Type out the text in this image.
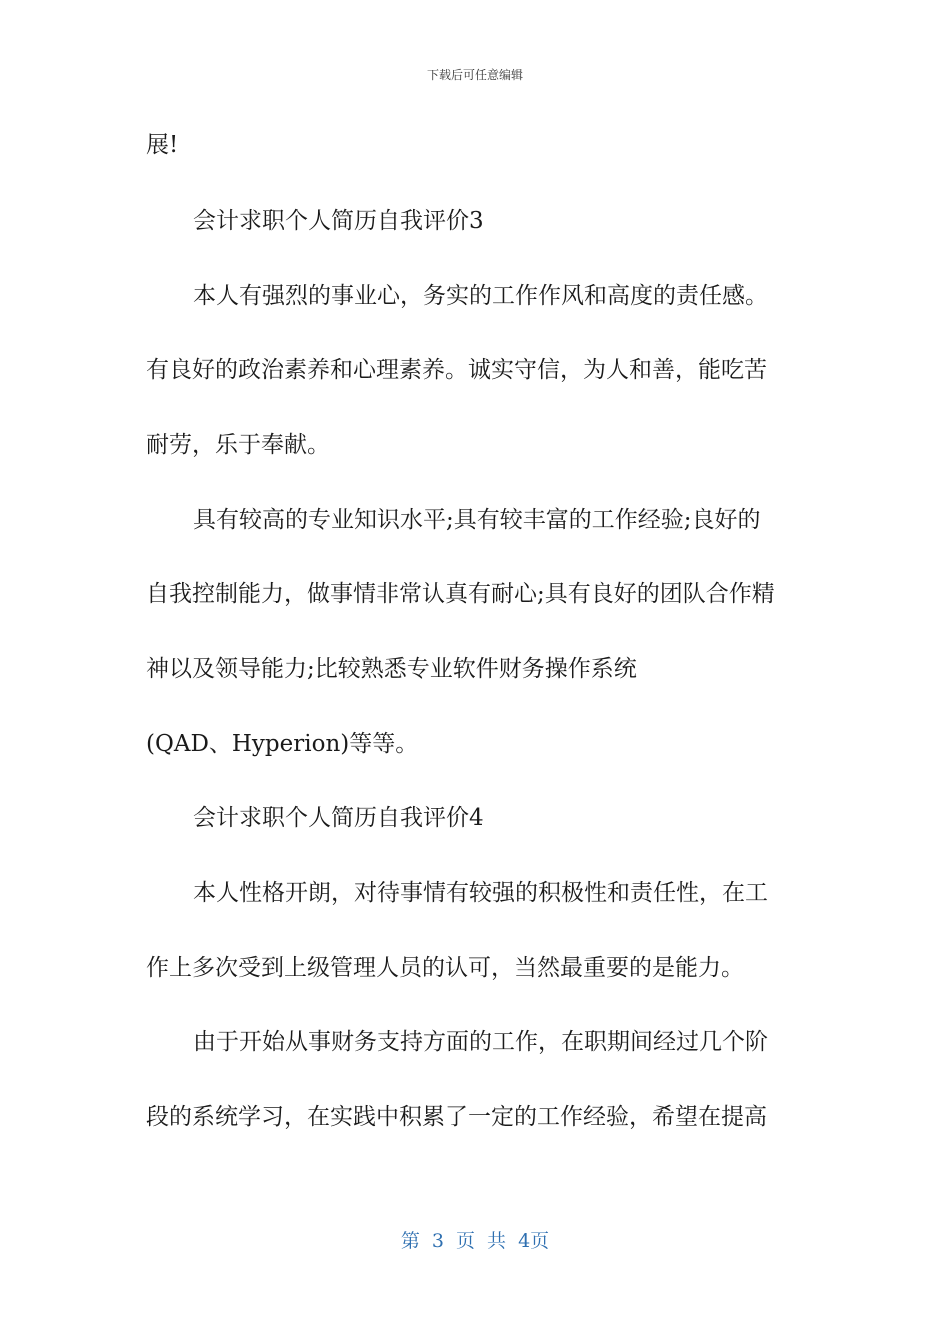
下载后可任意编辑
展!
会计求职个人简历自我评价3
本人有强烈的事业心，务实的工作作风和高度的责任感。
有良好的政治素养和心理素养。诚实守信，为人和善，能吃苦
耐劳，乐于奉献。
具有较高的专业知识水平;具有较丰富的工作经验;良好的
自我控制能力，做事情非常认真有耐心;具有良好的团队合作精
神以及领导能力;比较熟悉专业软件财务操作系统
(QAD、Hyperion)等等。
会计求职个人简历自我评价4
本人性格开朗，对待事情有较强的积极性和责任性，在工
作上多次受到上级管理人员的认可，当然最重要的是能力。
由于开始从事财务支持方面的工作，在职期间经过几个阶
段的系统学习，在实践中积累了一定的工作经验，希望在提高
第 3 页 共 4页
